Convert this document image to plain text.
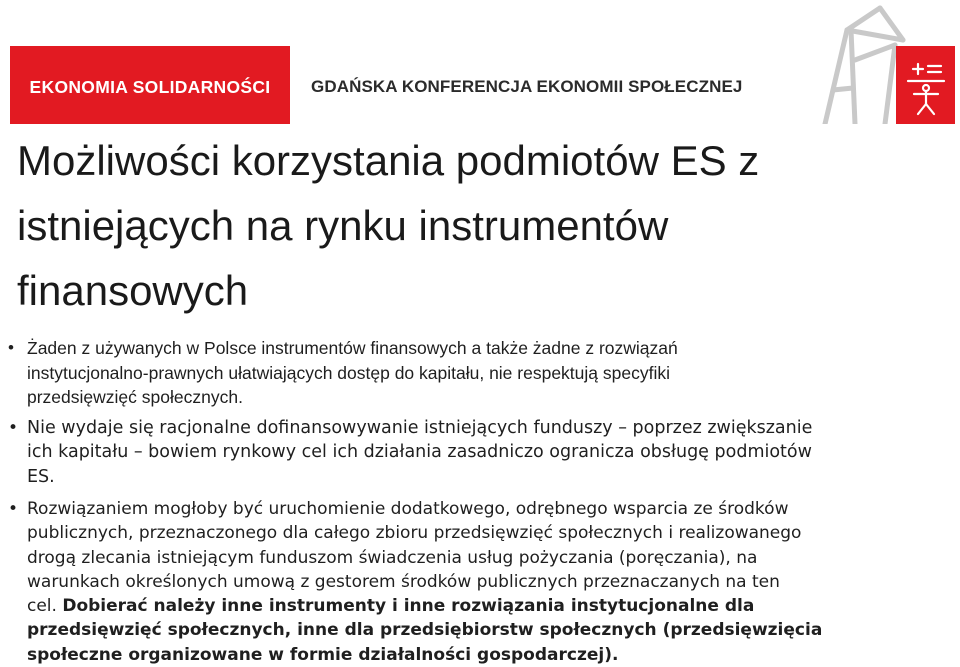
EKONOMIA SOLIDARNOŚCI GDAŃSKA KONFERENCJA EKONOMII SPOŁECZNEJ
Możliwości korzystania podmiotów ES z
istniejących na rynku instrumentów
finansowych
• Żaden z używanych w Polsce instrumentów finansowych a także żadne z rozwiązań
instytucjonalno-prawnych ułatwiających dostęp do kapitału, nie respektują specyfiki
przedsięwzięć społecznych.
• Nie wydaje się racjonalne dofinansowywanie istniejących funduszy – poprzez zwiększanie
ich kapitału – bowiem rynkowy cel ich działania zasadniczo ogranicza obsługę podmiotów
ES.
• Rozwiązaniem mogłoby być uruchomienie dodatkowego, odrębnego wsparcia ze środków
publicznych, przeznaczonego dla całego zbioru przedsięwzięć społecznych i realizowanego
drogą zlecania istniejącym funduszom świadczenia usług pożyczania (poręczania), na
warunkach określonych umową z gestorem środków publicznych przeznaczanych na ten
cel. Dobierać należy inne instrumenty i inne rozwiązania instytucjonalne dla
przedsięwzięć społecznych, inne dla przedsiębiorstw społecznych (przedsięwzięcia
społeczne organizowane w formie działalności gospodarczej).
